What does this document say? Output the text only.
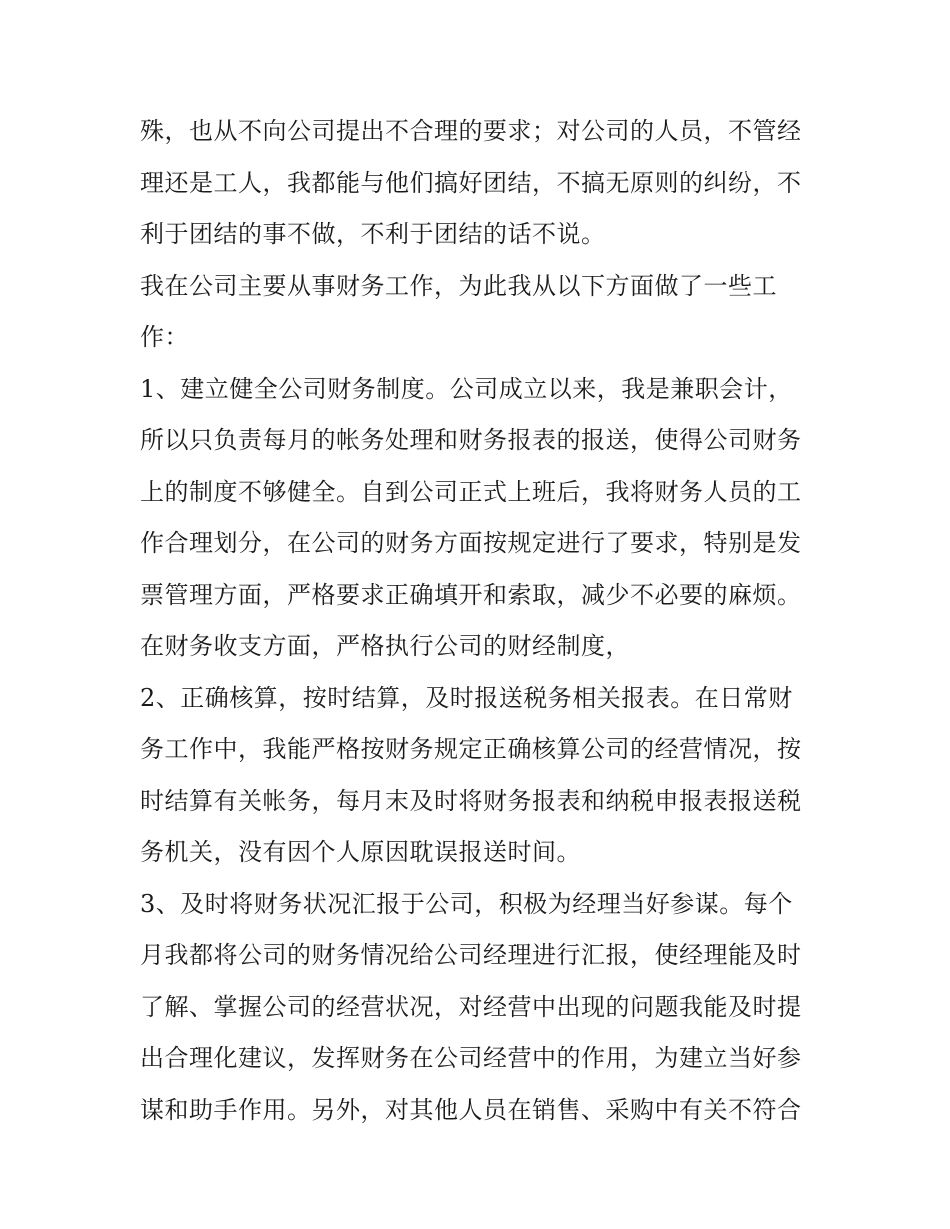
殊，也从不向公司提出不合理的要求；对公司的人员，不管经
理还是工人，我都能与他们搞好团结，不搞无原则的纠纷，不
利于团结的事不做，不利于团结的话不说。
我在公司主要从事财务工作，为此我从以下方面做了一些工
作：
1、建立健全公司财务制度。公司成立以来，我是兼职会计，
所以只负责每月的帐务处理和财务报表的报送，使得公司财务
上的制度不够健全。自到公司正式上班后，我将财务人员的工
作合理划分，在公司的财务方面按规定进行了要求，特别是发
票管理方面，严格要求正确填开和索取，减少不必要的麻烦。
在财务收支方面，严格执行公司的财经制度，
2、正确核算，按时结算，及时报送税务相关报表。在日常财
务工作中，我能严格按财务规定正确核算公司的经营情况，按
时结算有关帐务，每月末及时将财务报表和纳税申报表报送税
务机关，没有因个人原因耽误报送时间。
3、及时将财务状况汇报于公司，积极为经理当好参谋。每个
月我都将公司的财务情况给公司经理进行汇报，使经理能及时
了解、掌握公司的经营状况，对经营中出现的问题我能及时提
出合理化建议，发挥财务在公司经营中的作用，为建立当好参
谋和助手作用。另外，对其他人员在销售、采购中有关不符合
